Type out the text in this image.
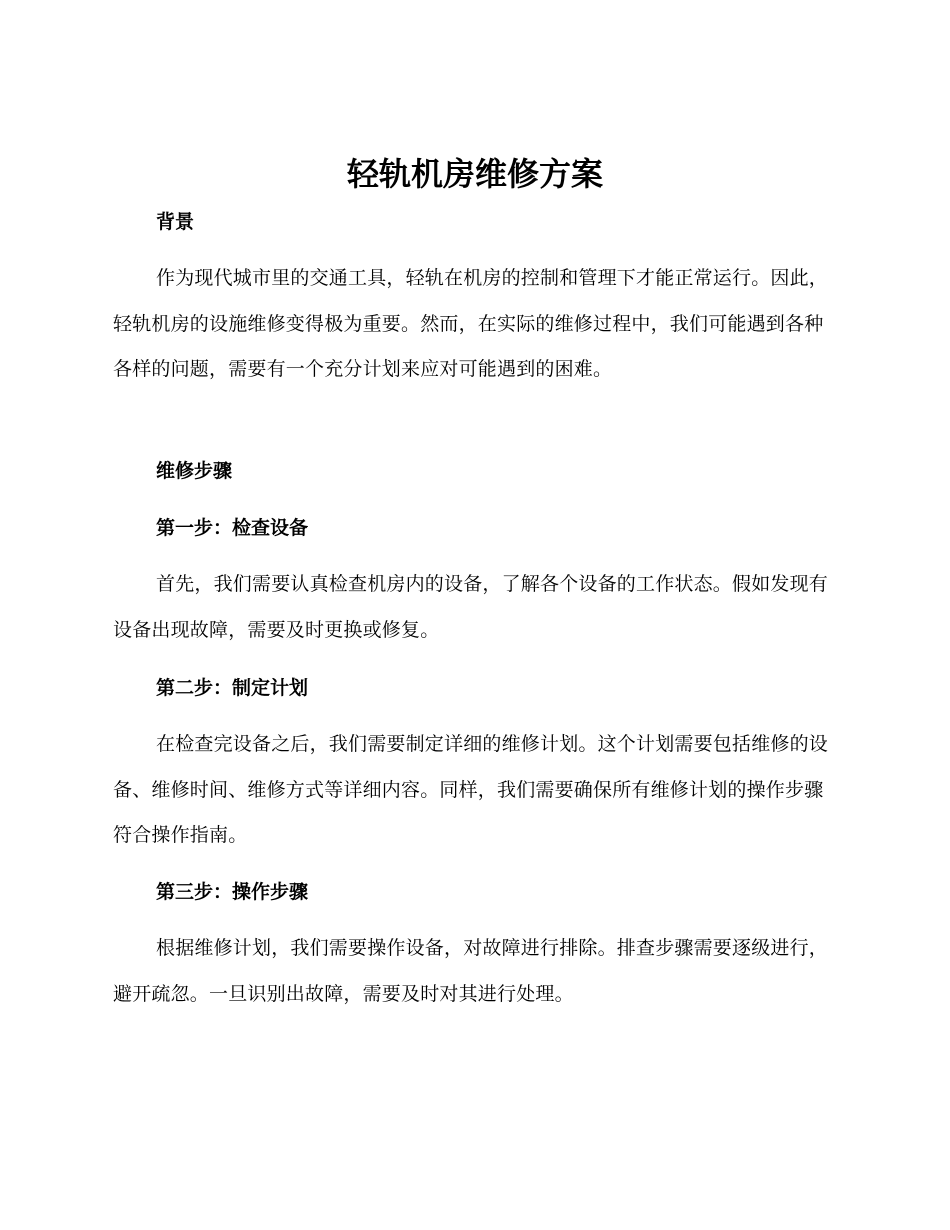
轻轨机房维修方案
背景

作为现代城市里的交通工具，轻轨在机房的控制和管理下才能正常运行。因此，轻轨机房的设施维修变得极为重要。然而，在实际的维修过程中，我们可能遇到各种各样的问题，需要有一个充分计划来应对可能遇到的困难。

维修步骤
第一步：检查设备

首先，我们需要认真检查机房内的设备，了解各个设备的工作状态。假如发现有设备出现故障，需要及时更换或修复。

第二步：制定计划

在检查完设备之后，我们需要制定详细的维修计划。这个计划需要包括维修的设备、维修时间、维修方式等详细内容。同样，我们需要确保所有维修计划的操作步骤符合操作指南。

第三步：操作步骤

根据维修计划，我们需要操作设备，对故障进行排除。排查步骤需要逐级进行，避开疏忽。一旦识别出故障，需要及时对其进行处理。
